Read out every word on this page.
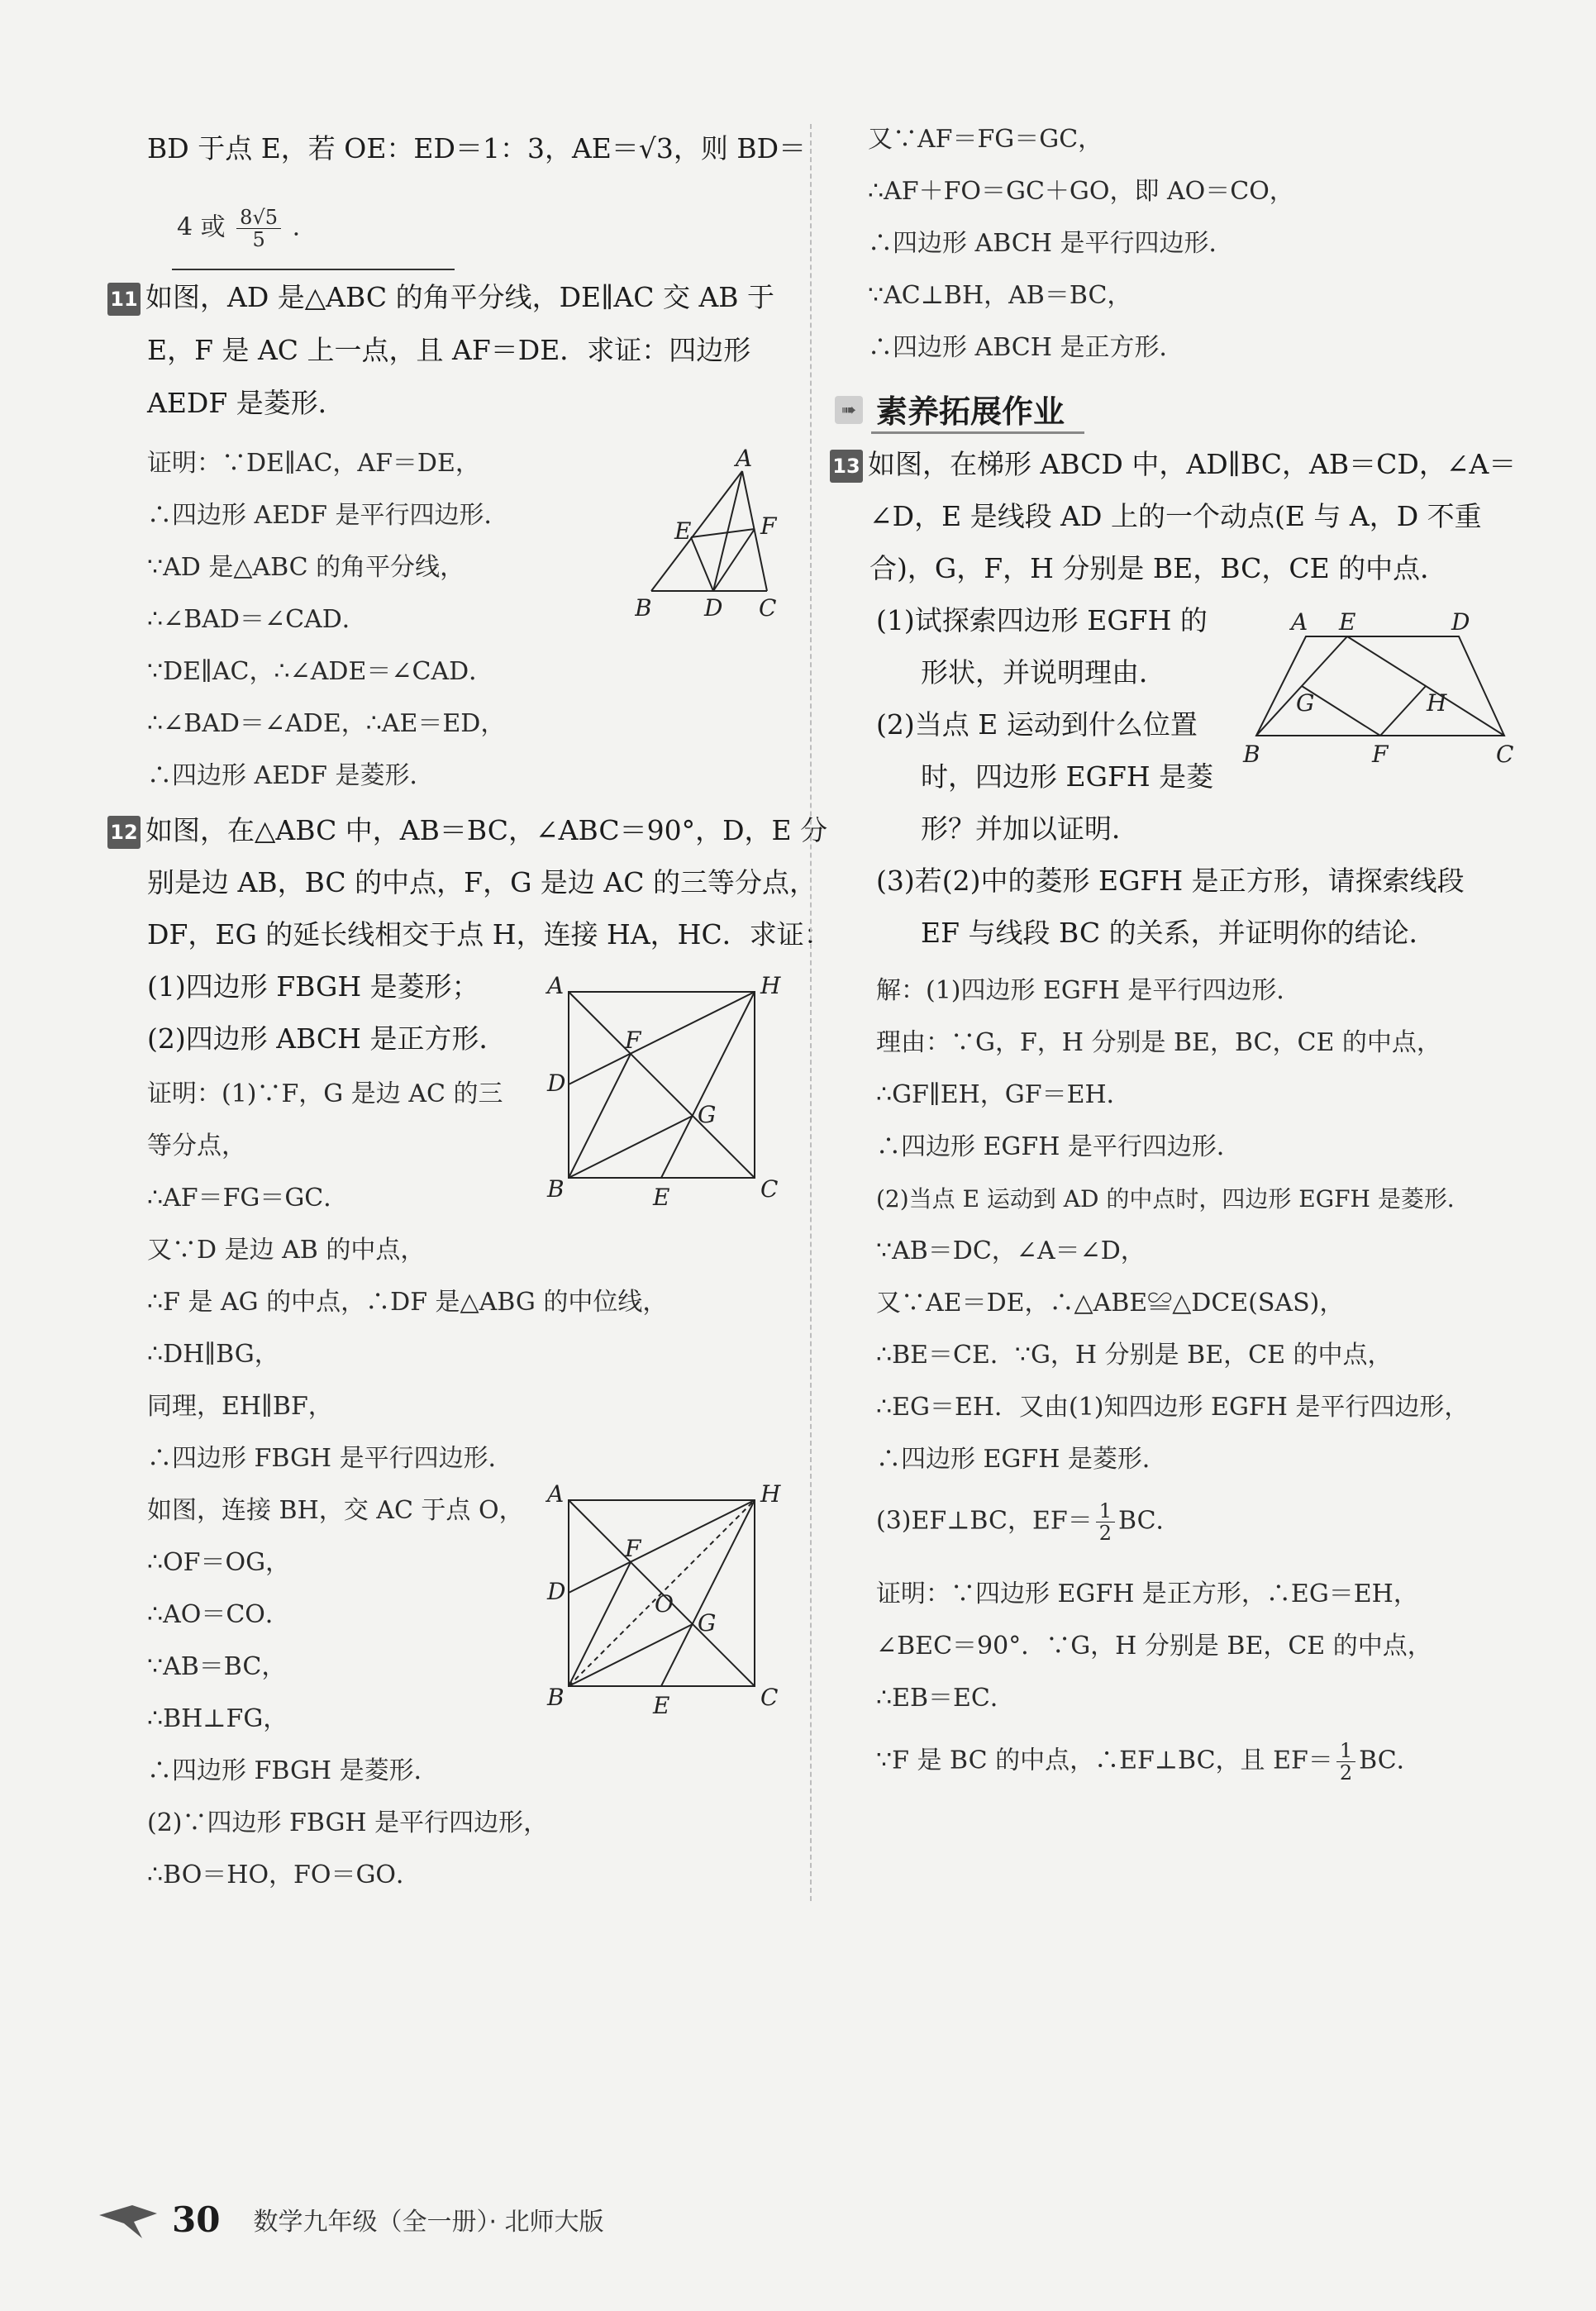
BD 于点 E，若 OE：ED＝1：3，AE＝√3，则 BD＝
4 或 $\frac{8√5}{5}$ .
11 如图，AD 是△ABC 的角平分线，DE∥AC 交 AB 于
E，F 是 AC 上一点，且 AF＝DE．求证：四边形
AEDF 是菱形．
证明：∵DE∥AC，AF＝DE，
∴四边形 AEDF 是平行四边形．
∵AD 是△ABC 的角平分线，
∴∠BAD＝∠CAD．
∵DE∥AC，∴∠ADE＝∠CAD．
∴∠BAD＝∠ADE，∴AE＝ED，
∴四边形 AEDF 是菱形．
A
E	F
B D C
12 如图，在△ABC 中，AB＝BC，∠ABC＝90°，D，E 分
别是边 AB，BC 的中点，F，G 是边 AC 的三等分点，
DF，EG 的延长线相交于点 H，连接 HA，HC．求证：
(1)四边形 FBGH 是菱形；
(2)四边形 ABCH 是正方形．
证明：(1)∵F，G 是边 AC 的三
等分点，
∴AF＝FG＝GC．
又∵D 是边 AB 的中点，
∴F 是 AG 的中点，∴DF 是△ABG 的中位线，
∴DH∥BG，
同理，EH∥BF，
∴四边形 FBGH 是平行四边形．
如图，连接 BH，交 AC 于点 O，
∴OF＝OG，
∴AO＝CO．
∵AB＝BC，
∴BH⊥FG，
∴四边形 FBGH 是菱形．
(2)∵四边形 FBGH 是平行四边形，
∴BO＝HO，FO＝GO．
A	H
F
D
G
B	E	C
A	H
F
D	O
G
B	E	C
又∵AF＝FG＝GC，
∴AF＋FO＝GC＋GO，即 AO＝CO，
∴四边形 ABCH 是平行四边形．
∵AC⊥BH，AB＝BC，
∴四边形 ABCH 是正方形．
➠ 素养拓展作业
13 如图，在梯形 ABCD 中，AD∥BC，AB＝CD，∠A＝
∠D，E 是线段 AD 上的一个动点(E 与 A，D 不重
合)，G，F，H 分别是 BE，BC，CE 的中点．
(1)试探索四边形 EGFH 的
形状，并说明理由．
(2)当点 E 运动到什么位置
时，四边形 EGFH 是菱
形？并加以证明．
(3)若(2)中的菱形 EGFH 是正方形，请探索线段
EF 与线段 BC 的关系，并证明你的结论．
A E	D
G	H
B	F	C
解：(1)四边形 EGFH 是平行四边形．
理由：∵G，F，H 分别是 BE，BC，CE 的中点，
∴GF∥EH，GF＝EH．
∴四边形 EGFH 是平行四边形．
(2)当点 E 运动到 AD 的中点时，四边形 EGFH 是菱形．
∵AB＝DC，∠A＝∠D，
又∵AE＝DE，∴△ABE≌△DCE(SAS)，
∴BE＝CE．∵G，H 分别是 BE，CE 的中点，
∴EG＝EH．又由(1)知四边形 EGFH 是平行四边形，
∴四边形 EGFH 是菱形．
(3)EF⊥BC，$EF= \frac{1}{2}$ BC．
证明：∵四边形 EGFH 是正方形，∴EG＝EH，
∠BEC＝90°．∵G，H 分别是 BE，CE 的中点，
∴EB＝EC．
∵F 是 BC 的中点，∴EF⊥BC，且 $EF= \frac{1}{2}$ BC．
30 数学九年级（全一册）· 北师大版
